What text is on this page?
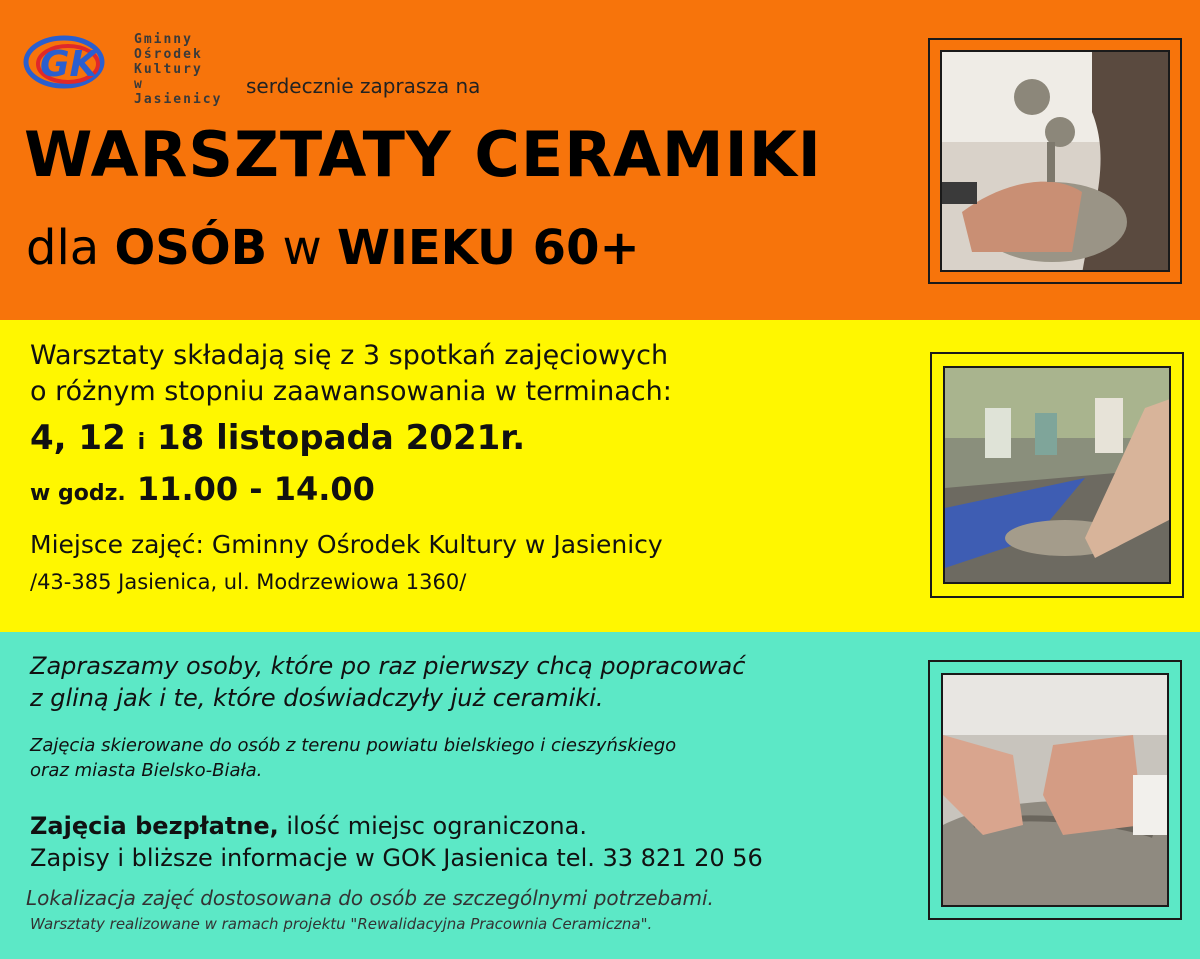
GK
Gminny
Ośrodek
Kultury
w Jasienicy
serdecznie zaprasza na
WARSZTATY CERAMIKI
dla OSÓB w WIEKU 60+
Warsztaty składają się z 3 spotkań zajęciowych
o różnym stopniu zaawansowania w terminach:
4, 12 i 18 listopada 2021r.
w godz. 11.00 - 14.00
Miejsce zajęć: Gminny Ośrodek Kultury w Jasienicy
/43-385 Jasienica, ul. Modrzewiowa 1360/
Zapraszamy osoby, które po raz pierwszy chcą popracować
z gliną jak i te, które doświadczyły już ceramiki.
Zajęcia skierowane do osób z terenu powiatu bielskiego i cieszyńskiego
oraz miasta Bielsko-Biała.
Zajęcia bezpłatne, ilość miejsc ograniczona.
Zapisy i bliższe informacje w GOK Jasienica tel. 33 821 20 56
Lokalizacja zajęć dostosowana do osób ze szczególnymi potrzebami.
Warsztaty realizowane w ramach projektu "Rewalidacyjna Pracownia Ceramiczna".
